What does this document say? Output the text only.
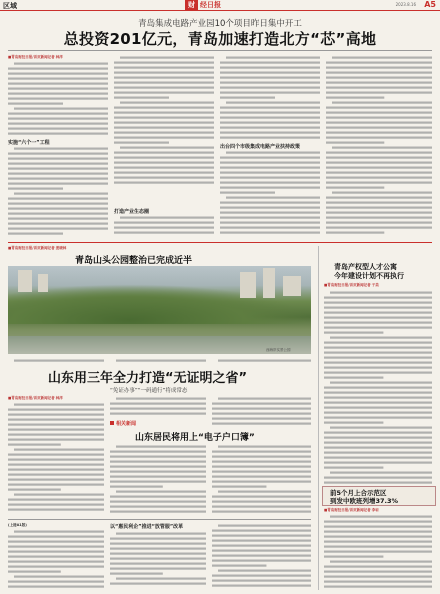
区域	财 经日报	2023.8.16 A5
青岛集成电路产业园10个项目昨日集中开工
总投资201亿元，青岛加速打造北方“芯”高地
■青岛财经日报/首页新闻记者 林洋
实施“六个一”工程
打造产业生态圈
出台四个市级集成电路产业扶持政策
■青岛财经日报/首页新闻记者 姜晓林
青岛山头公园整治已完成近半
西海岸实景公园
山东用三年全力打造“无证明之省”
“免证办事”“一码通行”将成常态
■青岛财经日报/首页新闻记者 林洋
相关新闻
山东居民将用上“电子户口簿”
青岛产权型人才公寓
今年建设计划不再执行
■青岛财经日报/首页新闻记者 于美
前5个月上合示范区
到发中欧班列增37.3%
■青岛财经日报/首页新闻记者 李岩
(上接A1版)	以“惠民利企”推进“放管服”改革
